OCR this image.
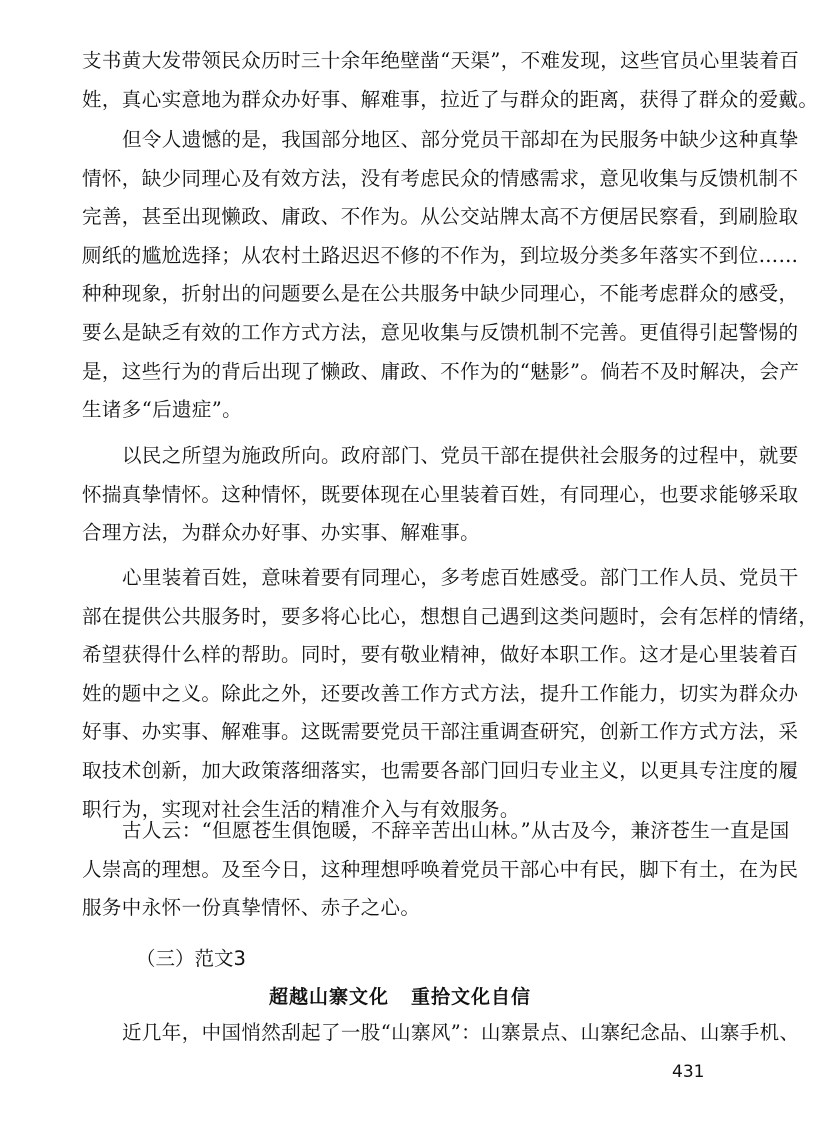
支书黄大发带领民众历时三十余年绝壁凿“天渠”，不难发现，这些官员心里装着百
姓，真心实意地为群众办好事、解难事，拉近了与群众的距离，获得了群众的爱戴。
但令人遗憾的是，我国部分地区、部分党员干部却在为民服务中缺少这种真挚
情怀，缺少同理心及有效方法，没有考虑民众的情感需求，意见收集与反馈机制不
完善，甚至出现懒政、庸政、不作为。从公交站牌太高不方便居民察看，到刷脸取
厕纸的尴尬选择；从农村土路迟迟不修的不作为，到垃圾分类多年落实不到位……
种种现象，折射出的问题要么是在公共服务中缺少同理心，不能考虑群众的感受，
要么是缺乏有效的工作方式方法，意见收集与反馈机制不完善。更值得引起警惕的
是，这些行为的背后出现了懒政、庸政、不作为的“魅影”。倘若不及时解决，会产
生诸多“后遗症”。
以民之所望为施政所向。政府部门、党员干部在提供社会服务的过程中，就要
怀揣真挚情怀。这种情怀，既要体现在心里装着百姓，有同理心，也要求能够采取
合理方法，为群众办好事、办实事、解难事。
心里装着百姓，意味着要有同理心，多考虑百姓感受。部门工作人员、党员干
部在提供公共服务时，要多将心比心，想想自己遇到这类问题时，会有怎样的情绪，
希望获得什么样的帮助。同时，要有敬业精神，做好本职工作。这才是心里装着百
姓的题中之义。除此之外，还要改善工作方式方法，提升工作能力，切实为群众办
好事、办实事、解难事。这既需要党员干部注重调查研究，创新工作方式方法，采
取技术创新，加大政策落细落实，也需要各部门回归专业主义，以更具专注度的履
职行为，实现对社会生活的精准介入与有效服务。
古人云：“但愿苍生俱饱暖，不辞辛苦出山林。”从古及今，兼济苍生一直是国
人崇高的理想。及至今日，这种理想呼唤着党员干部心中有民，脚下有土，在为民
服务中永怀一份真挚情怀、赤子之心。
（三）范文3
超越山寨文化 重拾文化自信
近几年，中国悄然刮起了一股“山寨风”：山寨景点、山寨纪念品、山寨手机、
431
